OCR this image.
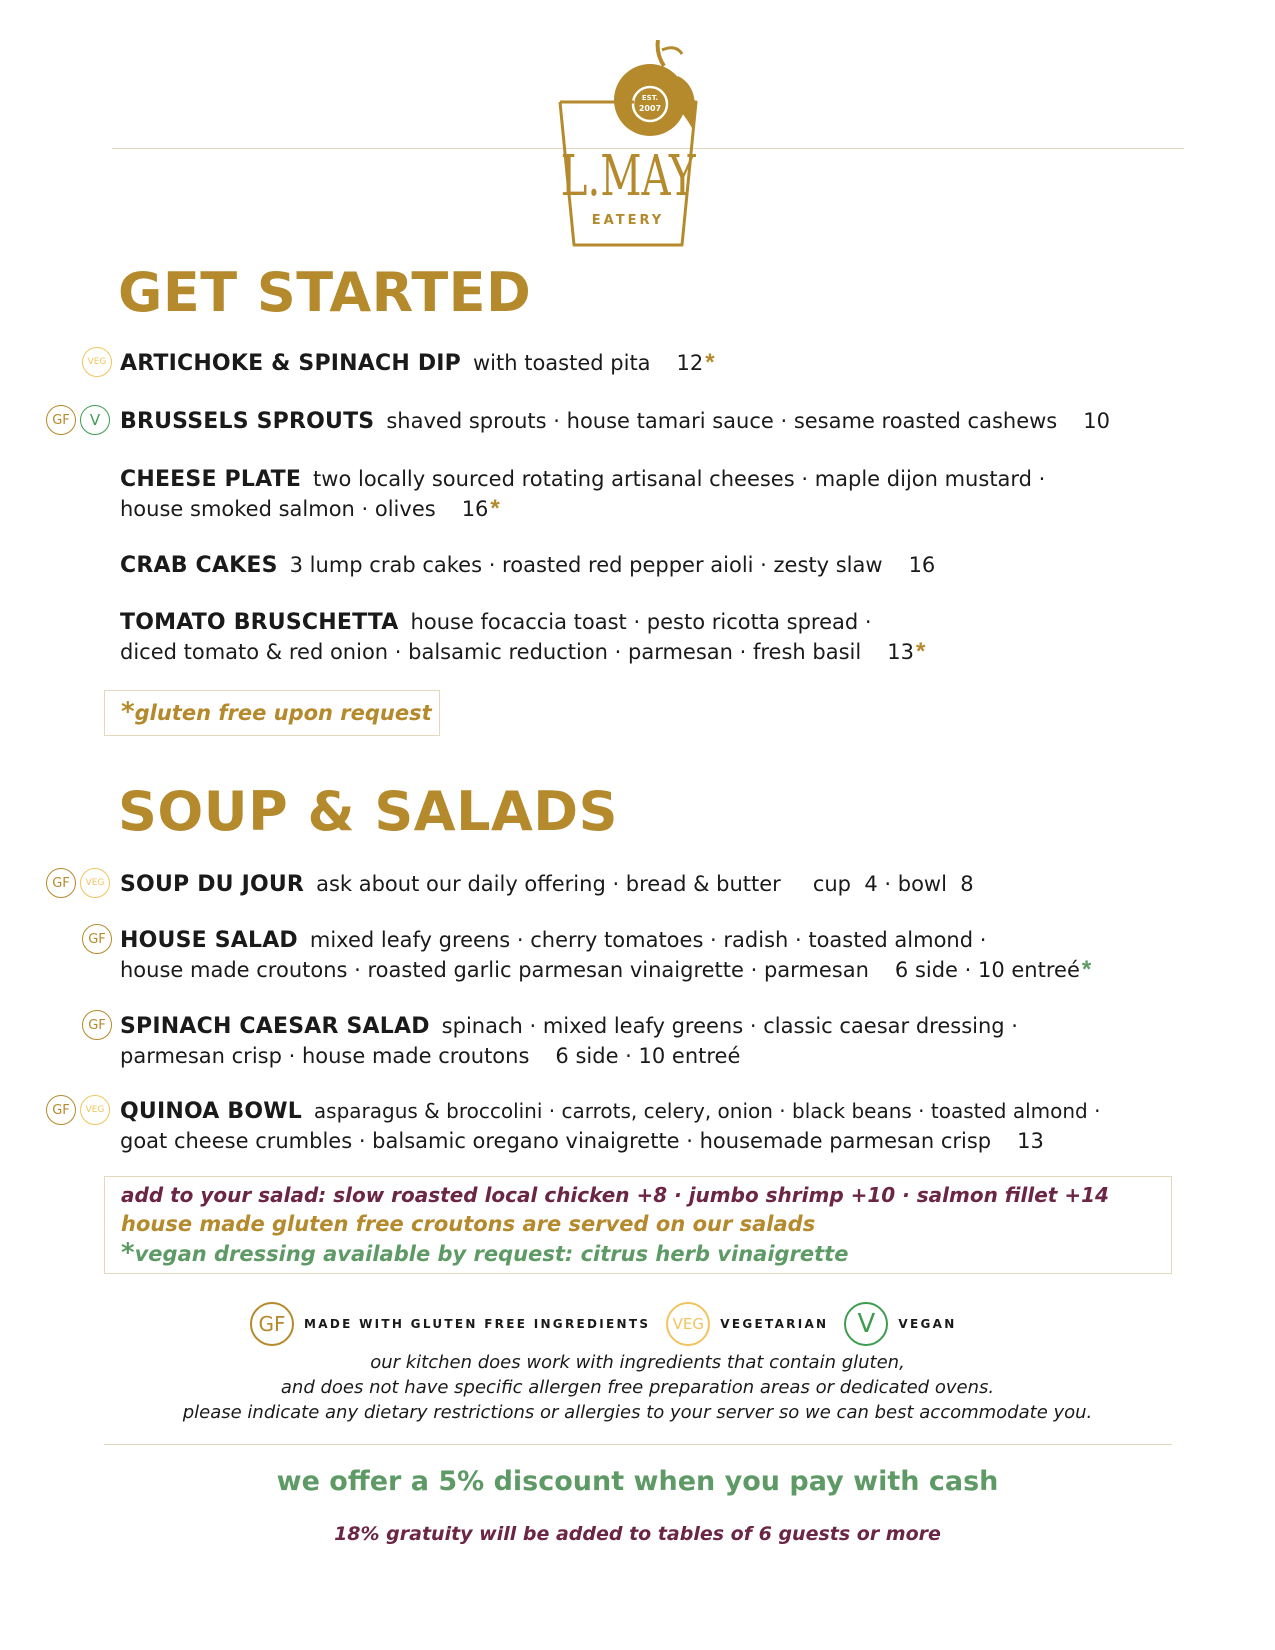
EST.
2007
L.MAY
EATERY
GET STARTED
VEG ARTICHOKE & SPINACH DIP with toasted pita 12*
GF	V BRUSSELS SPROUTS shaved sprouts · house tamari sauce · sesame roasted cashews 10
CHEESE PLATE two locally sourced rotating artisanal cheeses · maple dijon mustard ·
house smoked salmon · olives 16*
CRAB CAKES 3 lump crab cakes · roasted red pepper aioli · zesty slaw 16
TOMATO BRUSCHETTA house focaccia toast · pesto ricotta spread ·
diced tomato & red onion · balsamic reduction · parmesan · fresh basil 13*
*gluten free upon request
SOUP & SALADS
GF	VEG SOUP DU JOUR ask about our daily offering · bread & butter cup  4 · bowl  8
GF HOUSE SALAD mixed leafy greens · cherry tomatoes · radish · toasted almond ·
house made croutons · roasted garlic parmesan vinaigrette · parmesan 6 side · 10 entreé*
GF SPINACH CAESAR SALAD spinach · mixed leafy greens · classic caesar dressing ·
parmesan crisp · house made croutons 6 side · 10 entreé
GF	VEG QUINOA BOWL asparagus & broccolini · carrots, celery, onion · black beans · toasted almond ·
goat cheese crumbles · balsamic oregano vinaigrette · housemade parmesan crisp 13
add to your salad: slow roasted local chicken +8 · jumbo shrimp +10 · salmon fillet +14
house made gluten free croutons are served on our salads
*vegan dressing available by request: citrus herb vinaigrette
GF	MADE WITH GLUTEN FREE INGREDIENTS	VEG	VEGETARIAN	V	VEGAN
our kitchen does work with ingredients that contain gluten,
and does not have specific allergen free preparation areas or dedicated ovens.
please indicate any dietary restrictions or allergies to your server so we can best accommodate you.
we offer a 5% discount when you pay with cash
18% gratuity will be added to tables of 6 guests or more
